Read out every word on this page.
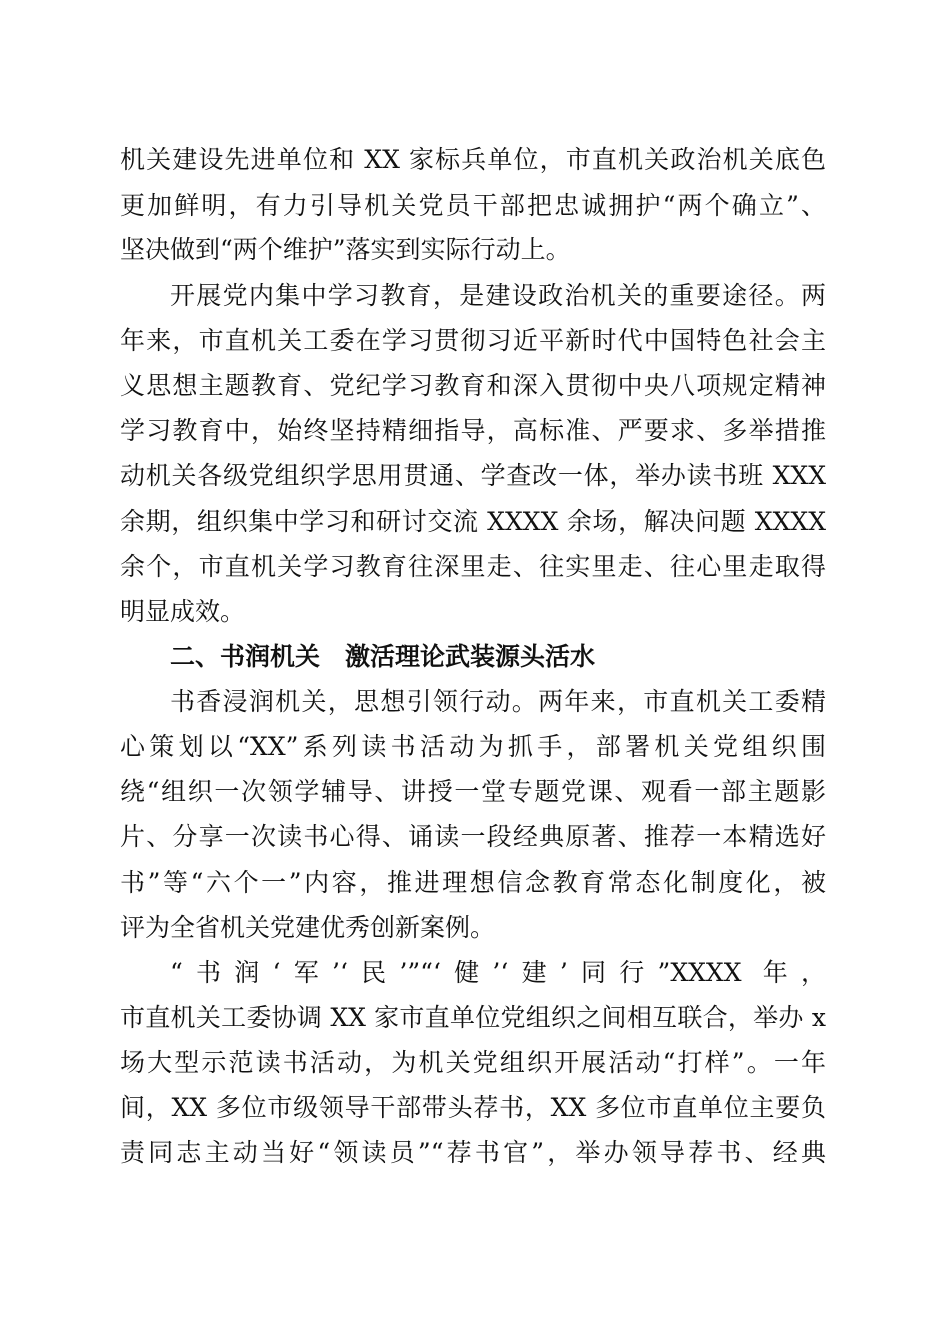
机关建设先进单位和 XX 家标兵单位，市直机关政治机关底色
更加鲜明，有力引导机关党员干部把忠诚拥护“两个确立”、
坚决做到“两个维护”落实到实际行动上。
开展党内集中学习教育，是建设政治机关的重要途径。两
年来，市直机关工委在学习贯彻习近平新时代中国特色社会主
义思想主题教育、党纪学习教育和深入贯彻中央八项规定精神
学习教育中，始终坚持精细指导，高标准、严要求、多举措推
动机关各级党组织学思用贯通、学查改一体，举办读书班 XXX
余期，组织集中学习和研讨交流 XXXX 余场，解决问题 XXXX
余个，市直机关学习教育往深里走、往实里走、往心里走取得
明显成效。
二、书润机关 激活理论武装源头活水
书香浸润机关，思想引领行动。两年来，市直机关工委精
心策划以“XX”系列读书活动为抓手，部署机关党组织围
绕“组织一次领学辅导、讲授一堂专题党课、观看一部主题影
片、分享一次读书心得、诵读一段经典原著、推荐一本精选好
书”等“六个一”内容，推进理想信念教育常态化制度化，被
评为全省机关党建优秀创新案例。
“书润‘军’‘民’”“‘健’‘建’同行”XXXX 年，
市直机关工委协调 XX 家市直单位党组织之间相互联合，举办 x
场大型示范读书活动，为机关党组织开展活动“打样”。一年
间，XX 多位市级领导干部带头荐书，XX 多位市直单位主要负
责同志主动当好“领读员”“荐书官”，举办领导荐书、经典
